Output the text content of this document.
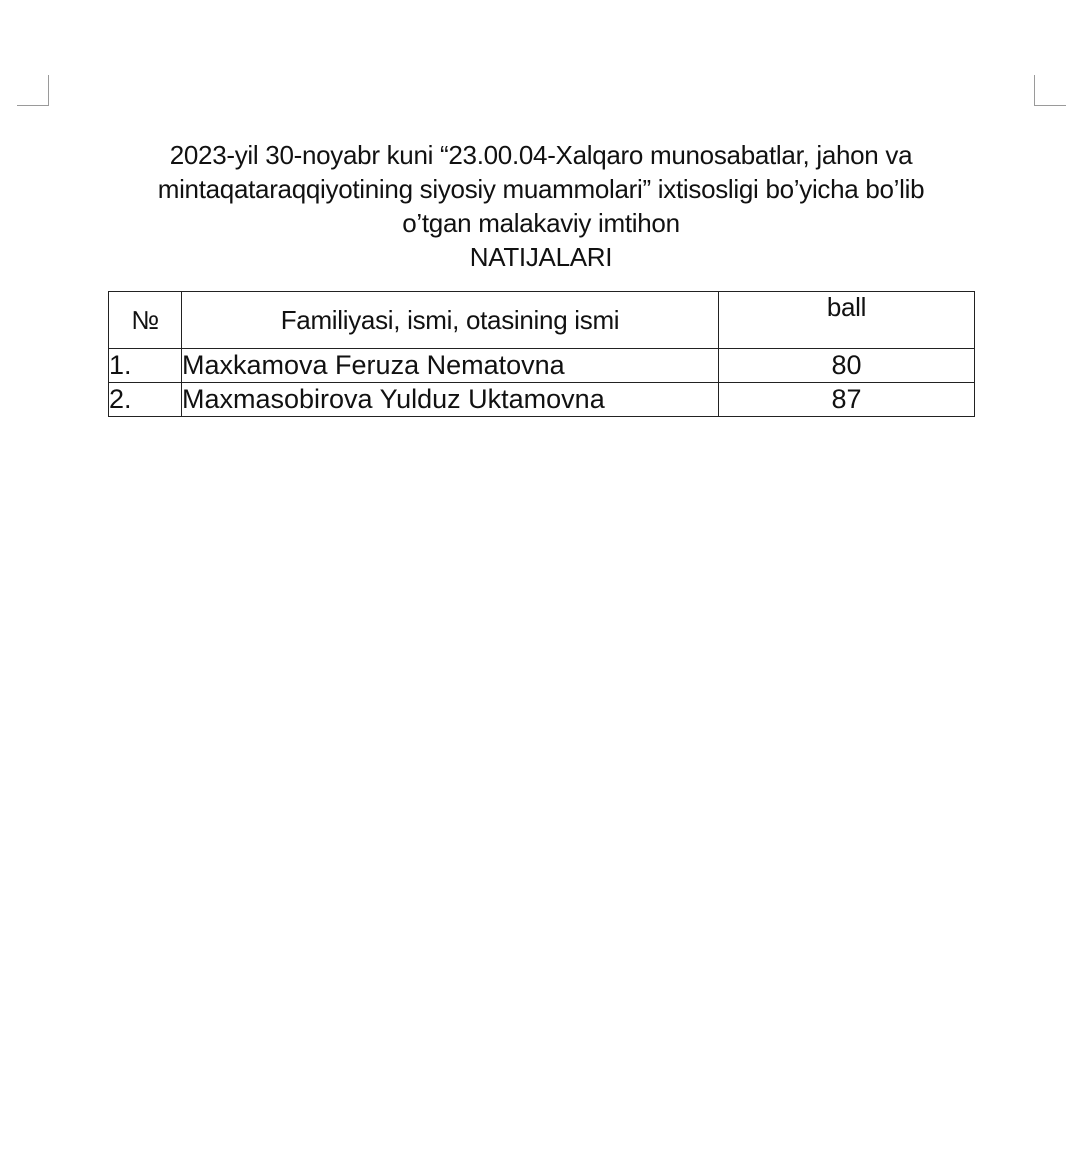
2023-yil 30-noyabr kuni “23.00.04-Xalqaro munosabatlar, jahon va
mintaqataraqqiyotining siyosiy muammolari” ixtisosligi bo’yicha bo’lib
o’tgan malakaviy imtihon
NATIJALARI
№	Familiyasi, ismi, otasining ismi	ball
1.	Maxkamova Feruza Nematovna	80
2.	Maxmasobirova Yulduz Uktamovna	87
